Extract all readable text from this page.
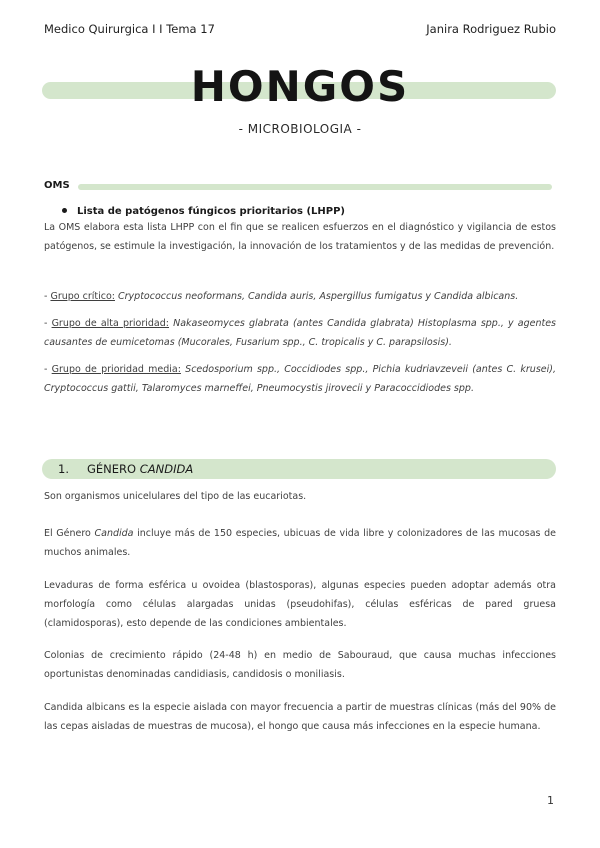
Medico Quirurgica I I Tema 17	Janira Rodriguez Rubio
HONGOS
- MICROBIOLOGIA -
OMS
Lista de patógenos fúngicos prioritarios (LHPP)

La OMS elabora esta lista LHPP con el fin que se realicen esfuerzos en el diagnóstico y vigilancia de estos patógenos, se estimule la investigación, la innovación de los tratamientos y de las medidas de prevención.

- Grupo crítico: Cryptococcus neoformans, Candida auris, Aspergillus fumigatus y Candida albicans.

- Grupo de alta prioridad: Nakaseomyces glabrata (antes Candida glabrata) Histoplasma spp., y agentes causantes de eumicetomas (Mucorales, Fusarium spp., C. tropicalis y C. parapsilosis).

- Grupo de prioridad media: Scedosporium spp., Coccidiodes spp., Pichia kudriavzeveii (antes C. krusei), Cryptococcus gattii, Talaromyces marneffei, Pneumocystis jirovecii y Paracoccidiodes spp.

1. GÉNERO CANDIDA

Son organismos unicelulares del tipo de las eucariotas.

El Género Candida incluye más de 150 especies, ubicuas de vida libre y colonizadores de las mucosas de muchos animales.

Levaduras de forma esférica u ovoidea (blastosporas), algunas especies pueden adoptar además otra morfología como células alargadas unidas (pseudohifas), células esféricas de pared gruesa (clamidosporas), esto depende de las condiciones ambientales.

Colonias de crecimiento rápido (24-48 h) en medio de Sabouraud, que causa muchas infecciones oportunistas denominadas candidiasis, candidosis o moniliasis.

Candida albicans es la especie aislada con mayor frecuencia a partir de muestras clínicas (más del 90% de las cepas aisladas de muestras de mucosa), el hongo que causa más infecciones en la especie humana.

1
